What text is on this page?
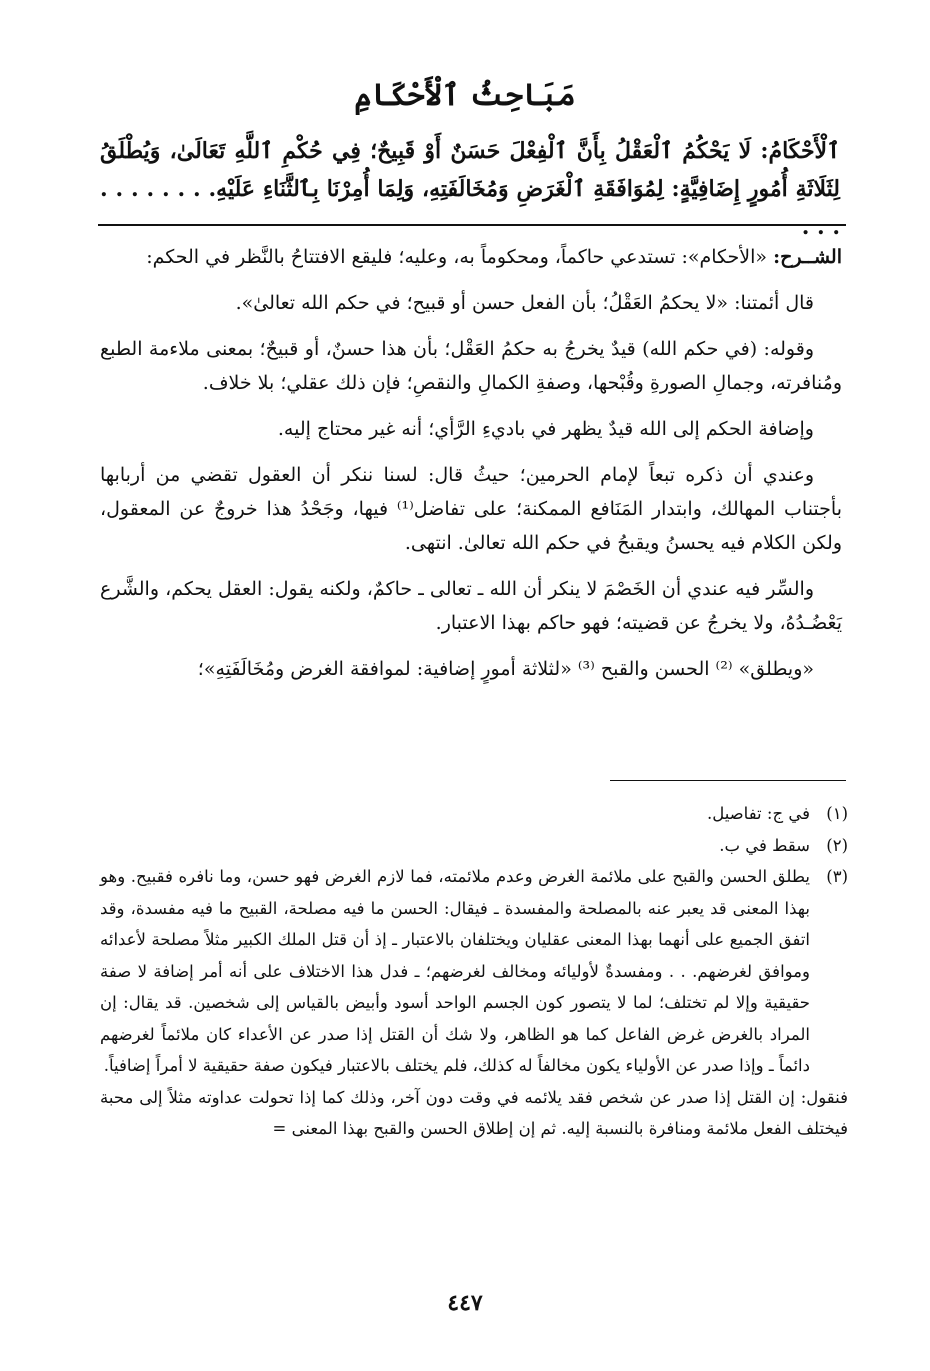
مَبَاحِثُ ٱلْأَحْكَامِ
ٱلْأَحْكَامُ: لَا يَحْكُمُ ٱلْعَقْلُ بِأَنَّ ٱلْفِعْلَ حَسَنٌ أَوْ قَبِيحٌ؛ فِي حُكْمِ ٱللَّهِ تَعَالَىٰ، وَيُطْلَقُ لِثَلَاثَةِ أُمُورٍ إِضَافِيَّةٍ: لِمُوَافَقَةِ ٱلْغَرَضِ وَمُخَالَفَتِهِ، وَلِمَا أُمِرْنَا بِٱلثَّنَاءِ عَلَيْهِ. . . . . . . . . . .

الشــرح: «الأحكام»: تستدعي حاكماً، ومحكوماً به، وعليه؛ فليقع الافتتاحُ بالنَّظر في الحكم:

قال أئمتنا: «لا يحكمُ العَقْلُ؛ بأن الفعل حسن أو قبيح؛ في حكم الله تعالىٰ».

وقوله: (في حكم الله) قيدٌ يخرجُ به حكمُ العَقْل؛ بأن هذا حسنٌ، أو قبيحٌ؛ بمعنى ملاءمة الطبع ومُنافرته، وجمالِ الصورةِ وقُبْحها، وصفةِ الكمالِ والنقصِ؛ فإن ذلك عقلي؛ بلا خلاف.

وإضافة الحكم إلى الله قيدٌ يظهر في باديءِ الرَّأي؛ أنه غير محتاج إليه.

وعندي أن ذكره تبعاً لإمام الحرمين؛ حيثُ قال: لسنا ننكر أن العقول تقضي من أربابها بأجتناب المهالك، وابتدار المَنَافع الممكنة؛ على تفاضل⁽¹⁾ فيها، وجَحْدُ هذا خروجٌ عن المعقول، ولكن الكلام فيه يحسنُ ويقبحُ في حكم الله تعالىٰ. انتهى.

والسِّر فيه عندي أن الخَصْمَ لا ينكر أن الله ـ تعالى ـ حاكمٌ، ولكنه يقول: العقل يحكم، والشَّرع يَعْضُـدُهُ، ولا يخرجُ عن قضيته؛ فهو حاكم بهذا الاعتبار.

«ويطلق» ⁽²⁾ الحسن والقبح ⁽³⁾ «لثلاثة أمورٍ إضافية: لموافقة الغرض ومُخَالَفَتِهِ»؛

(١)
في ج: تفاصيل.
(٢)
سقط في ب.
(٣)
يطلق الحسن والقبح على ملائمة الغرض وعدم ملائمته، فما لازم الغرض فهو حسن، وما نافره فقبيح. وهو بهذا المعنى قد يعبر عنه بالمصلحة والمفسدة ـ فيقال: الحسن ما فيه مصلحة، القبيح ما فيه مفسدة، وقد اتفق الجميع على أنهما بهذا المعنى عقليان ويختلفان بالاعتبار ـ إذ أن قتل الملك الكبير مثلاً مصلحة لأعدائه وموافق لغرضهم. . . ومفسدةٌ لأوليائه ومخالف لغرضهم؛ ـ فدل هذا الاختلاف على أنه أمر إضافة لا صفة حقيقية وإلا لم تختلف؛ لما لا يتصور كون الجسم الواحد أسود وأبيض بالقياس إلى شخصين. قد يقال: إن المراد بالغرض غرض الفاعل كما هو الظاهر، ولا شك أن القتل إذا صدر عن الأعداء كان ملائماً لغرضهم دائماً ـ وإذا صدر عن الأولياء يكون مخالفاً له كذلك، فلم يختلف بالاعتبار فيكون صفة حقيقية لا أمراً إضافياً.
فنقول: إن القتل إذا صدر عن شخص فقد يلائمه في وقت دون آخر، وذلك كما إذا تحولت عداوته مثلاً إلى محبة فيختلف الفعل ملائمة ومنافرة بالنسبة إليه. ثم إن إطلاق الحسن والقبح بهذا المعنى =
٤٤٧
